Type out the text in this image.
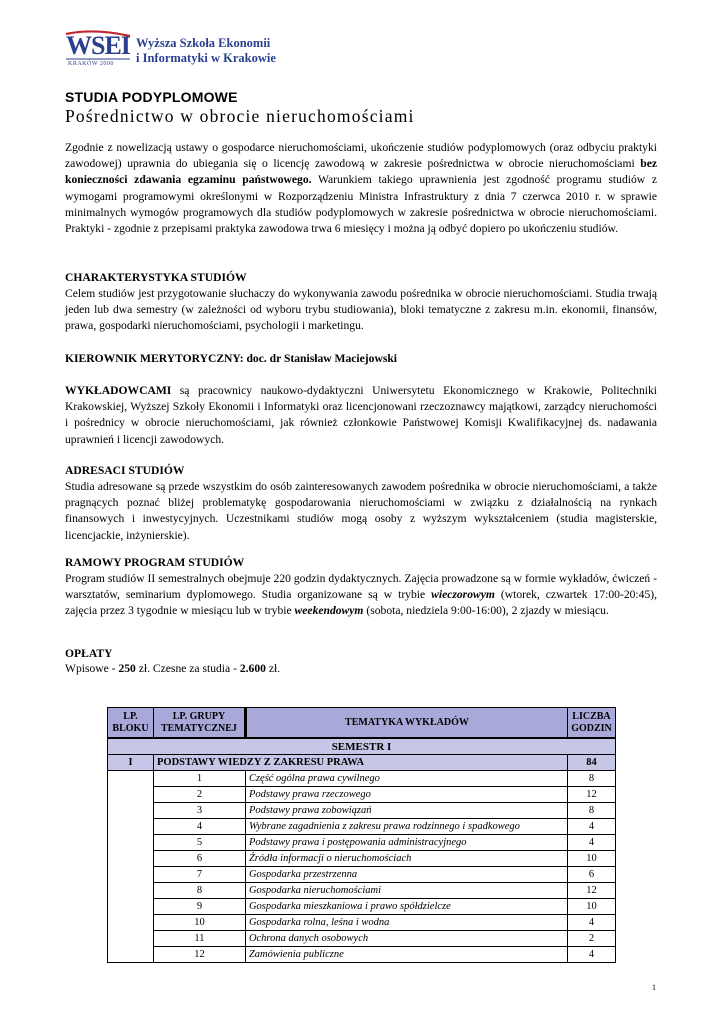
WSEI
KRAKÓW 2000
Wyższa Szkoła Ekonomii
i Informatyki w Krakowie
STUDIA PODYPLOMOWE
Pośrednictwo w obrocie nieruchomościami
Zgodnie z nowelizacją ustawy o gospodarce nieruchomościami, ukończenie studiów podyplomowych (oraz odbyciu praktyki zawodowej) uprawnia do ubiegania się o licencję zawodową w zakresie pośrednictwa w obrocie nieruchomościami bez konieczności zdawania egzaminu państwowego. Warunkiem takiego uprawnienia jest zgodność programu studiów z wymogami programowymi określonymi w Rozporządzeniu Ministra Infrastruktury z dnia 7 czerwca 2010 r. w sprawie minimalnych wymogów programowych dla studiów podyplomowych w zakresie pośrednictwa w obrocie nieruchomościami. Praktyki - zgodnie z przepisami praktyka zawodowa trwa 6 miesięcy i można ją odbyć dopiero po ukończeniu studiów.
CHARAKTERYSTYKA STUDIÓW
Celem studiów jest przygotowanie słuchaczy do wykonywania zawodu pośrednika w obrocie nieruchomościami. Studia trwają jeden lub dwa semestry (w zależności od wyboru trybu studiowania), bloki tematyczne z zakresu m.in. ekonomii, finansów, prawa, gospodarki nieruchomościami, psychologii i marketingu.
KIEROWNIK MERYTORYCZNY: doc. dr Stanisław Maciejowski
WYKŁADOWCAMI są pracownicy naukowo-dydaktyczni Uniwersytetu Ekonomicznego w Krakowie, Politechniki Krakowskiej, Wyższej Szkoły Ekonomii i Informatyki oraz licencjonowani rzeczoznawcy majątkowi, zarządcy nieruchomości i pośrednicy w obrocie nieruchomościami, jak również członkowie Państwowej Komisji Kwalifikacyjnej ds. nadawania uprawnień i licencji zawodowych.
ADRESACI STUDIÓW
Studia adresowane są przede wszystkim do osób zainteresowanych zawodem pośrednika w obrocie nieruchomościami, a także pragnących poznać bliżej problematykę gospodarowania nieruchomościami w związku z działalnością na rynkach finansowych i inwestycyjnych. Uczestnikami studiów mogą osoby z wyższym wykształceniem (studia magisterskie, licencjackie, inżynierskie).
RAMOWY PROGRAM STUDIÓW
Program studiów II semestralnych obejmuje 220 godzin dydaktycznych. Zajęcia prowadzone są w formie wykładów, ćwiczeń - warsztatów, seminarium dyplomowego. Studia organizowane są w trybie wieczorowym (wtorek, czwartek 17:00-20:45), zajęcia przez 3 tygodnie w miesiącu lub w trybie weekendowym (sobota, niedziela 9:00-16:00), 2 zjazdy w miesiącu.
OPŁATY
Wpisowe - 250 zł. Czesne za studia - 2.600 zł.
LP. BLOKU	LP. GRUPY TEMATYCZNEJ	TEMATYKA WYKŁADÓW	LICZBA GODZIN
SEMESTR I			
I	PODSTAWY WIEDZY Z ZAKRESU PRAWA		84
	1	Część ogólna prawa cywilnego	8
	2	Podstawy prawa rzeczowego	12
	3	Podstawy prawa zobowiązań	8
	4	Wybrane zagadnienia z zakresu prawa rodzinnego i spadkowego	4
	5	Podstawy prawa i postępowania administracyjnego	4
	6	Źródła informacji o nieruchomościach	10
	7	Gospodarka przestrzenna	6
	8	Gospodarka nieruchomościami	12
	9	Gospodarka mieszkaniowa i prawo spółdzielcze	10
	10	Gospodarka rolna, leśna i wodna	4
	11	Ochrona danych osobowych	2
	12	Zamówienia publiczne	4
1
